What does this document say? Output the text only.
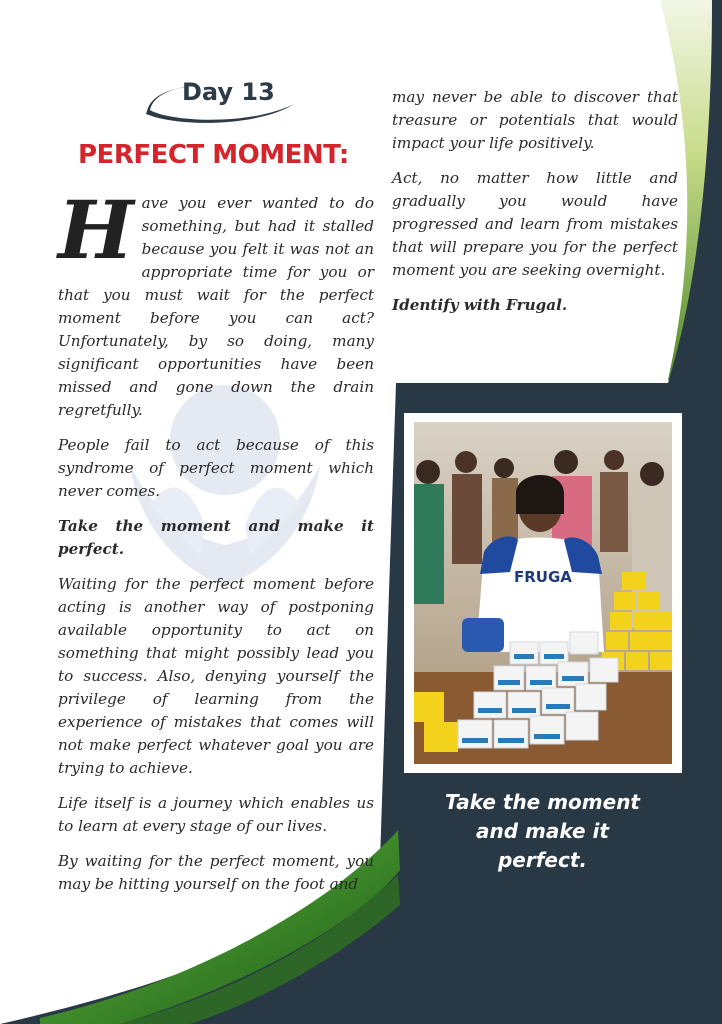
Day 13
PERFECT MOMENT:

Have you ever wanted to do something, but had it stalled because you felt it was not an appropriate time for you or that you must wait for the perfect moment before you can act? Unfortunately, by so doing, many significant opportunities have been missed and gone down the drain regretfully.

People fail to act because of this syndrome of perfect moment which never comes.

Take the moment and make it perfect.

Waiting for the perfect moment before acting is another way of postponing available opportunity to act on something that might possibly lead you to success. Also, denying yourself the privilege of learning from the experience of mistakes that comes will not make perfect whatever goal you are trying to achieve.

Life itself is a journey which enables us to learn at every stage of our lives.

By waiting for the perfect moment, you may be hitting yourself on the foot and

may never be able to discover that treasure or potentials that would impact your life positively.

Act, no matter how little and gradually you would have progressed and learn from mistakes that will prepare you for the perfect moment you are seeking overnight.

Identify with Frugal.

FRUGA
Take the moment
and make it
perfect.
